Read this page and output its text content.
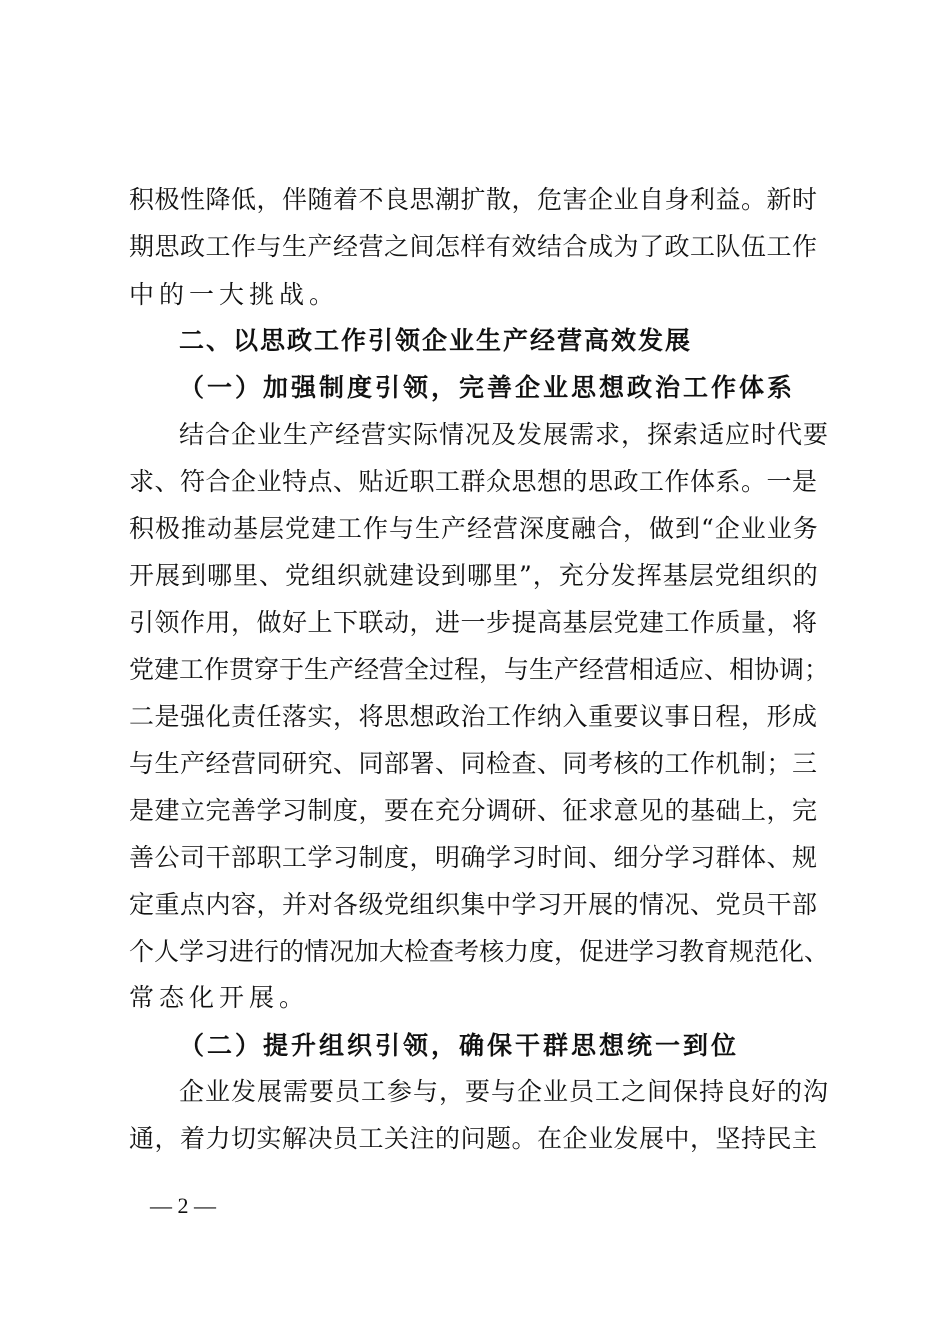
积极性降低，伴随着不良思潮扩散，危害企业自身利益。新时
期思政工作与生产经营之间怎样有效结合成为了政工队伍工作
中的一大挑战。
二、以思政工作引领企业生产经营高效发展
（一）加强制度引领，完善企业思想政治工作体系
结合企业生产经营实际情况及发展需求，探索适应时代要
求、符合企业特点、贴近职工群众思想的思政工作体系。一是
积极推动基层党建工作与生产经营深度融合，做到“企业业务
开展到哪里、党组织就建设到哪里”，充分发挥基层党组织的
引领作用，做好上下联动，进一步提高基层党建工作质量，将
党建工作贯穿于生产经营全过程，与生产经营相适应、相协调；
二是强化责任落实，将思想政治工作纳入重要议事日程，形成
与生产经营同研究、同部署、同检查、同考核的工作机制；三
是建立完善学习制度，要在充分调研、征求意见的基础上，完
善公司干部职工学习制度，明确学习时间、细分学习群体、规
定重点内容，并对各级党组织集中学习开展的情况、党员干部
个人学习进行的情况加大检查考核力度，促进学习教育规范化、
常态化开展。
（二）提升组织引领，确保干群思想统一到位
企业发展需要员工参与，要与企业员工之间保持良好的沟
通，着力切实解决员工关注的问题。在企业发展中，坚持民主
— 2 —
